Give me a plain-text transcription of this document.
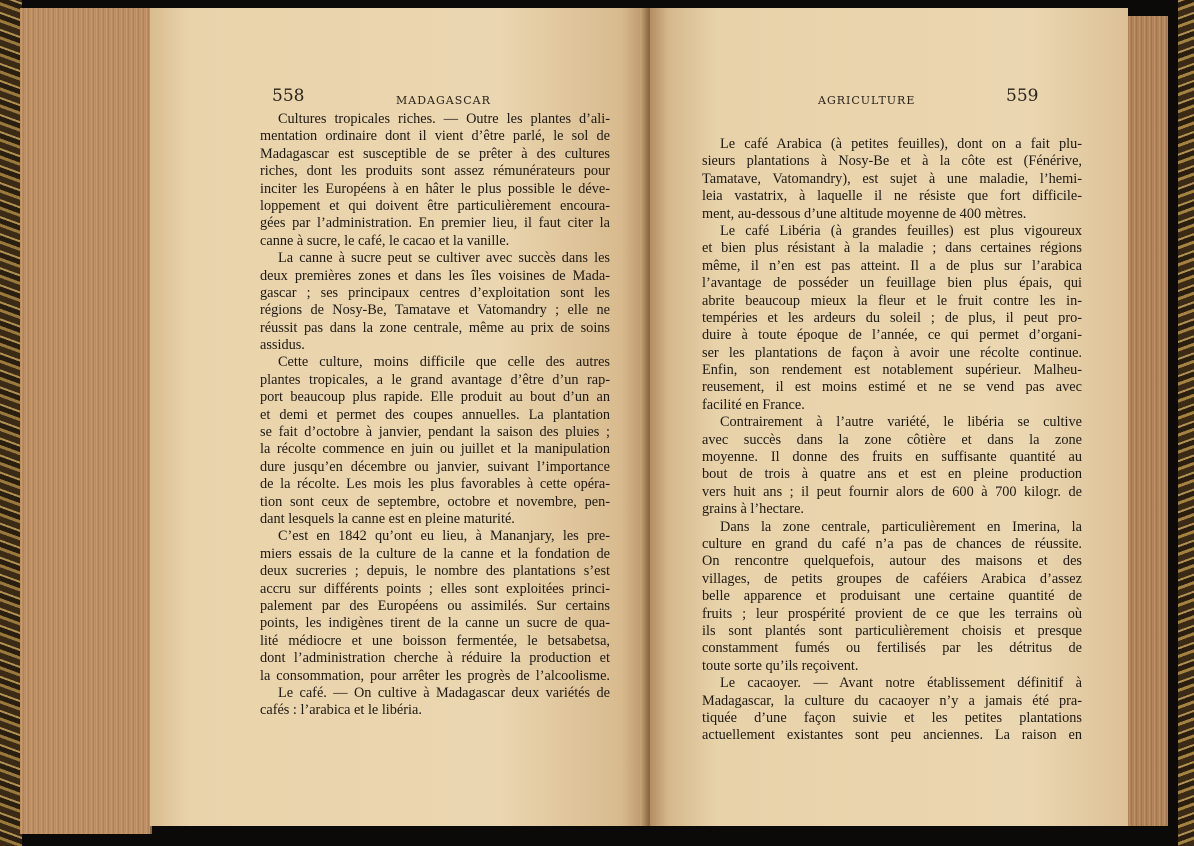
558	MADAGASCAR
Cultures tropicales riches. — Outre les plantes d’ali-
mentation ordinaire dont il vient d’être parlé, le sol de
Madagascar est susceptible de se prêter à des cultures
riches, dont les produits sont assez rémunérateurs pour
inciter les Européens à en hâter le plus possible le déve-
loppement et qui doivent être particulièrement encoura-
gées par l’administration. En premier lieu, il faut citer la
canne à sucre, le café, le cacao et la vanille.
La canne à sucre peut se cultiver avec succès dans les
deux premières zones et dans les îles voisines de Mada-
gascar ; ses principaux centres d’exploitation sont les
régions de Nosy-Be, Tamatave et Vatomandry ; elle ne
réussit pas dans la zone centrale, même au prix de soins
assidus.
Cette culture, moins difficile que celle des autres
plantes tropicales, a le grand avantage d’être d’un rap-
port beaucoup plus rapide. Elle produit au bout d’un an
et demi et permet des coupes annuelles. La plantation
se fait d’octobre à janvier, pendant la saison des pluies ;
la récolte commence en juin ou juillet et la manipulation
dure jusqu’en décembre ou janvier, suivant l’importance
de la récolte. Les mois les plus favorables à cette opéra-
tion sont ceux de septembre, octobre et novembre, pen-
dant lesquels la canne est en pleine maturité.
C’est en 1842 qu’ont eu lieu, à Mananjary, les pre-
miers essais de la culture de la canne et la fondation de
deux sucreries ; depuis, le nombre des plantations s’est
accru sur différents points ; elles sont exploitées princi-
palement par des Européens ou assimilés. Sur certains
points, les indigènes tirent de la canne un sucre de qua-
lité médiocre et une boisson fermentée, le betsabetsa,
dont l’administration cherche à réduire la production et
la consommation, pour arrêter les progrès de l’alcoolisme.
Le café. — On cultive à Madagascar deux variétés de
cafés : l’arabica et le libéria.
AGRICULTURE	559
Le café Arabica (à petites feuilles), dont on a fait plu-
sieurs plantations à Nosy-Be et à la côte est (Fénérive,
Tamatave, Vatomandry), est sujet à une maladie, l’hemi-
leia vastatrix, à laquelle il ne résiste que fort difficile-
ment, au-dessous d’une altitude moyenne de 400 mètres.
Le café Libéria (à grandes feuilles) est plus vigoureux
et bien plus résistant à la maladie ; dans certaines régions
même, il n’en est pas atteint. Il a de plus sur l’arabica
l’avantage de posséder un feuillage bien plus épais, qui
abrite beaucoup mieux la fleur et le fruit contre les in-
tempéries et les ardeurs du soleil ; de plus, il peut pro-
duire à toute époque de l’année, ce qui permet d’organi-
ser les plantations de façon à avoir une récolte continue.
Enfin, son rendement est notablement supérieur. Malheu-
reusement, il est moins estimé et ne se vend pas avec
facilité en France.
Contrairement à l’autre variété, le libéria se cultive
avec succès dans la zone côtière et dans la zone
moyenne. Il donne des fruits en suffisante quantité au
bout de trois à quatre ans et est en pleine production
vers huit ans ; il peut fournir alors de 600 à 700 kilogr. de
grains à l’hectare.
Dans la zone centrale, particulièrement en Imerina, la
culture en grand du café n’a pas de chances de réussite.
On rencontre quelquefois, autour des maisons et des
villages, de petits groupes de caféiers Arabica d’assez
belle apparence et produisant une certaine quantité de
fruits ; leur prospérité provient de ce que les terrains où
ils sont plantés sont particulièrement choisis et presque
constamment fumés ou fertilisés par les détritus de
toute sorte qu’ils reçoivent.
Le cacaoyer. — Avant notre établissement définitif à
Madagascar, la culture du cacaoyer n’y a jamais été pra-
tiquée d’une façon suivie et les petites plantations
actuellement existantes sont peu anciennes. La raison en
